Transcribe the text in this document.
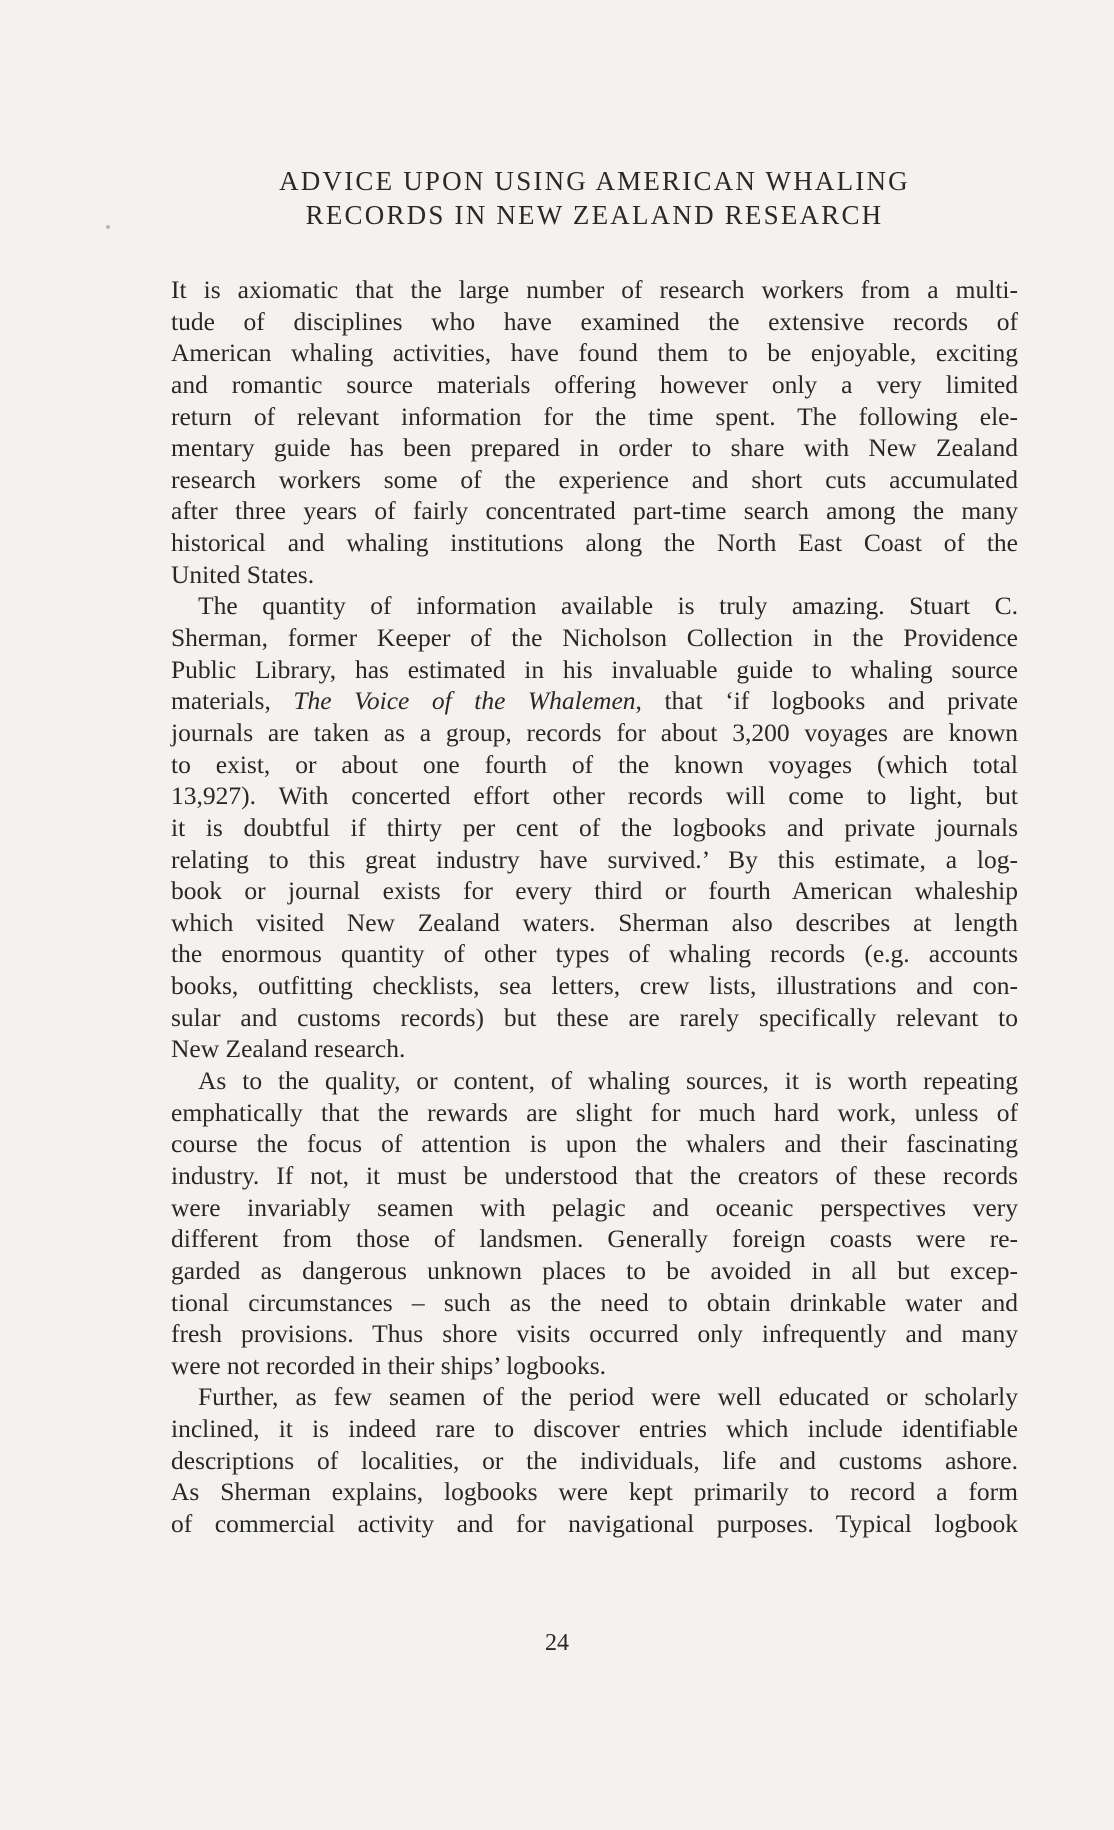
ADVICE UPON USING AMERICAN WHALING
RECORDS IN NEW ZEALAND RESEARCH
It is axiomatic that the large number of research workers from a multi-
tude of disciplines who have examined the extensive records of
American whaling activities, have found them to be enjoyable, exciting
and romantic source materials offering however only a very limited
return of relevant information for the time spent. The following ele-
mentary guide has been prepared in order to share with New Zealand
research workers some of the experience and short cuts accumulated
after three years of fairly concentrated part-time search among the many
historical and whaling institutions along the North East Coast of the
United States.
The quantity of information available is truly amazing. Stuart C.
Sherman, former Keeper of the Nicholson Collection in the Providence
Public Library, has estimated in his invaluable guide to whaling source
materials, The Voice of the Whalemen, that ‘if logbooks and private
journals are taken as a group, records for about 3,200 voyages are known
to exist, or about one fourth of the known voyages (which total
13,927). With concerted effort other records will come to light, but
it is doubtful if thirty per cent of the logbooks and private journals
relating to this great industry have survived.’ By this estimate, a log-
book or journal exists for every third or fourth American whaleship
which visited New Zealand waters. Sherman also describes at length
the enormous quantity of other types of whaling records (e.g. accounts
books, outfitting checklists, sea letters, crew lists, illustrations and con-
sular and customs records) but these are rarely specifically relevant to
New Zealand research.
As to the quality, or content, of whaling sources, it is worth repeating
emphatically that the rewards are slight for much hard work, unless of
course the focus of attention is upon the whalers and their fascinating
industry. If not, it must be understood that the creators of these records
were invariably seamen with pelagic and oceanic perspectives very
different from those of landsmen. Generally foreign coasts were re-
garded as dangerous unknown places to be avoided in all but excep-
tional circumstances – such as the need to obtain drinkable water and
fresh provisions. Thus shore visits occurred only infrequently and many
were not recorded in their ships’ logbooks.
Further, as few seamen of the period were well educated or scholarly
inclined, it is indeed rare to discover entries which include identifiable
descriptions of localities, or the individuals, life and customs ashore.
As Sherman explains, logbooks were kept primarily to record a form
of commercial activity and for navigational purposes. Typical logbook
24
